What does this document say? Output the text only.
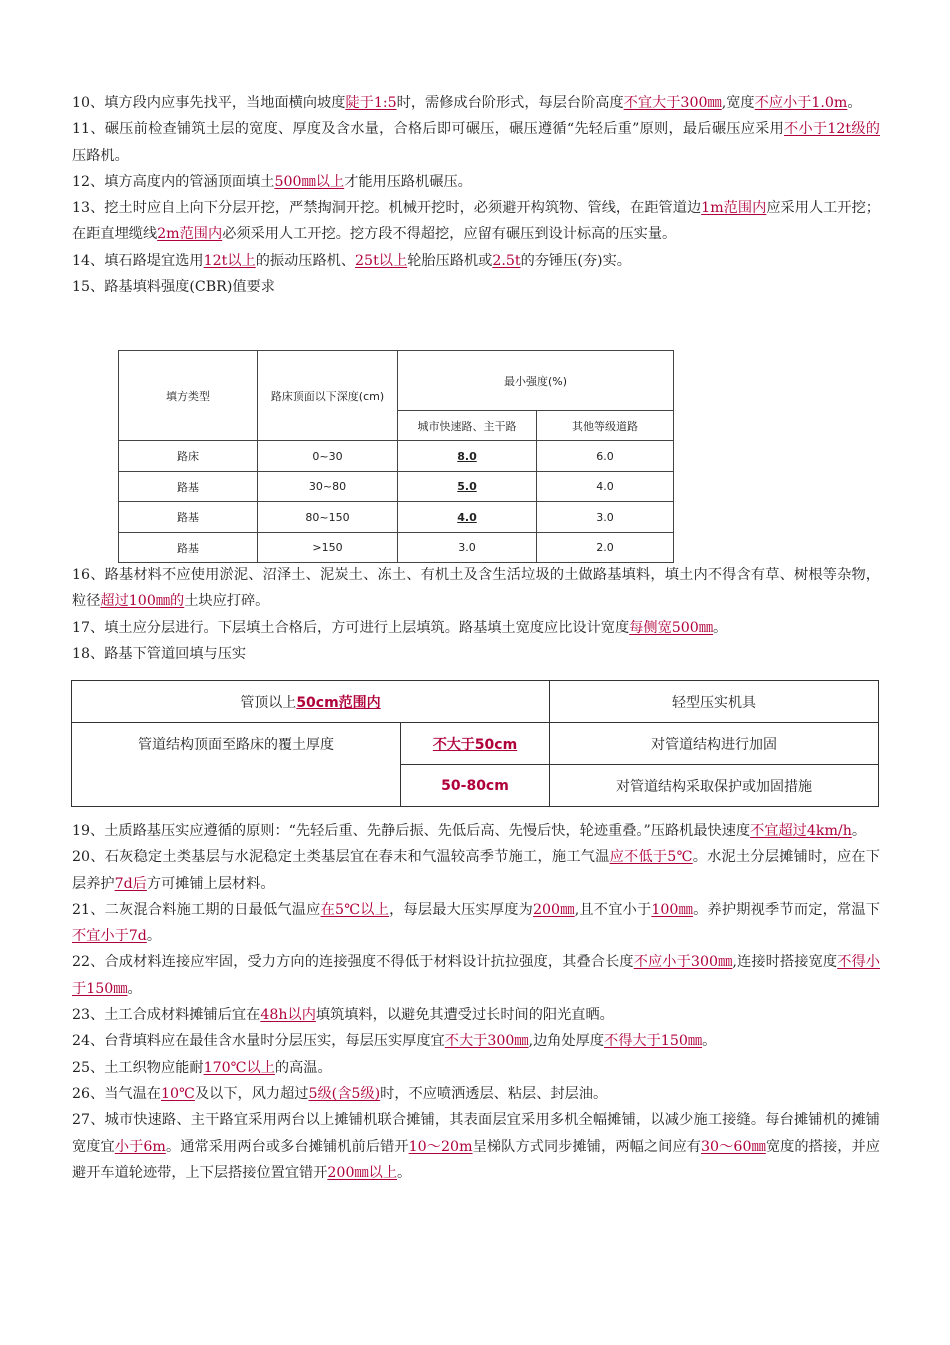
10、填方段内应事先找平，当地面横向坡度陡于1:5时，需修成台阶形式，每层台阶高度不宜大于300㎜,宽度不应小于1.0m。

11、碾压前检查铺筑土层的宽度、厚度及含水量，合格后即可碾压，碾压遵循“先轻后重”原则，最后碾压应采用不小于12t级的压路机。

12、填方高度内的管涵顶面填土500㎜以上才能用压路机碾压。

13、挖土时应自上向下分层开挖，严禁掏洞开挖。机械开挖时，必须避开构筑物、管线，在距管道边1m范围内应采用人工开挖；在距直埋缆线2m范围内必须采用人工开挖。挖方段不得超挖，应留有碾压到设计标高的压实量。

14、填石路堤宜选用12t以上的振动压路机、25t以上轮胎压路机或2.5t的夯锤压(夯)实。

15、路基填料强度(CBR)值要求

填方类型	路床顶面以下深度(cm)	最小强度(%)	
		城市快速路、主干路	其他等级道路
路床	0~30	8.0	6.0
路基	30~80	5.0	4.0
路基	80~150	4.0	3.0
路基	>150	3.0	2.0

16、路基材料不应使用淤泥、沼泽土、泥炭土、冻土、有机土及含生活垃圾的土做路基填料，填土内不得含有草、树根等杂物，粒径超过100㎜的土块应打碎。

17、填土应分层进行。下层填土合格后，方可进行上层填筑。路基填土宽度应比设计宽度每侧宽500㎜。

18、路基下管道回填与压实

管顶以上50cm范围内		轻型压实机具
管道结构顶面至路床的覆土厚度	不大于50cm	对管道结构进行加固
	50-80cm	对管道结构采取保护或加固措施

19、土质路基压实应遵循的原则：“先轻后重、先静后振、先低后高、先慢后快，轮迹重叠。”压路机最快速度不宜超过4km/h。

20、石灰稳定土类基层与水泥稳定土类基层宜在春末和气温较高季节施工，施工气温应不低于5℃。水泥土分层摊铺时，应在下层养护7d后方可摊铺上层材料。

21、二灰混合料施工期的日最低气温应在5℃以上，每层最大压实厚度为200㎜,且不宜小于100㎜。养护期视季节而定，常温下不宜小于7d。

22、合成材料连接应牢固，受力方向的连接强度不得低于材料设计抗拉强度，其叠合长度不应小于300㎜,连接时搭接宽度不得小于150㎜。

23、土工合成材料摊铺后宜在48h以内填筑填料，以避免其遭受过长时间的阳光直晒。

24、台背填料应在最佳含水量时分层压实，每层压实厚度宜不大于300㎜,边角处厚度不得大于150㎜。

25、土工织物应能耐170℃以上的高温。

26、当气温在10℃及以下，风力超过5级(含5级)时，不应喷洒透层、粘层、封层油。

27、城市快速路、主干路宜采用两台以上摊铺机联合摊铺，其表面层宜采用多机全幅摊铺，以减少施工接缝。每台摊铺机的摊铺宽度宜小于6m。通常采用两台或多台摊铺机前后错开10～20m呈梯队方式同步摊铺，两幅之间应有30～60㎜宽度的搭接，并应避开车道轮迹带，上下层搭接位置宜错开200㎜以上。
